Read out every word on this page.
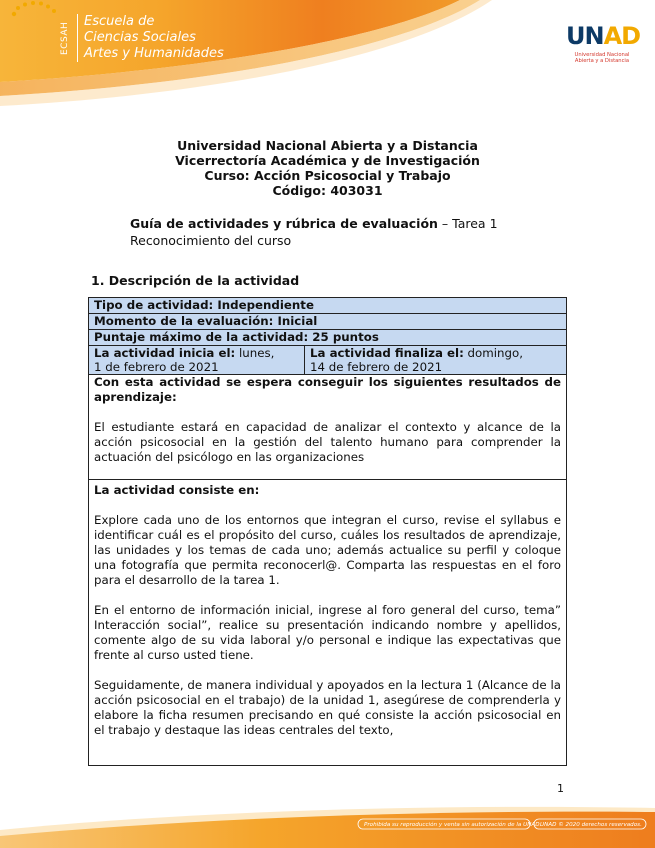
ECSAH	Escuela de
Ciencias Sociales
Artes y Humanidades
UNAD
Universidad Nacional Abierta y a Distancia
Universidad Nacional Abierta y a Distancia
Vicerrectoría Académica y de Investigación
Curso: Acción Psicosocial y Trabajo
Código: 403031
Guía de actividades y rúbrica de evaluación – Tarea 1
Reconocimiento del curso
1. Descripción de la actividad
Tipo de actividad: Independiente
Momento de la evaluación: Inicial
Puntaje máximo de la actividad: 25 puntos
La actividad inicia el: lunes,
1 de febrero de 2021	La actividad finaliza el: domingo,
14 de febrero de 2021

Con esta actividad se espera conseguir los siguientes resultados de aprendizaje:

El estudiante estará en capacidad de analizar el contexto y alcance de la acción psicosocial en la gestión del talento humano para comprender la actuación del psicólogo en las organizaciones

La actividad consiste en:

Explore cada uno de los entornos que integran el curso, revise el syllabus e identificar cuál es el propósito del curso, cuáles los resultados de aprendizaje, las unidades y los temas de cada uno; además actualice su perfil y coloque una fotografía que permita reconocerl@. Comparta las respuestas en el foro para el desarrollo de la tarea 1.

En el entorno de información inicial, ingrese al foro general del curso, tema” Interacción social”, realice su presentación indicando nombre y apellidos, comente algo de su vida laboral y/o personal e indique las expectativas que frente al curso usted tiene.

Seguidamente, de manera individual y apoyados en la lectura 1 (Alcance de la acción psicosocial en el trabajo) de la unidad 1, asegúrese de comprenderla y elabore la ficha resumen precisando en qué consiste la acción psicosocial en el trabajo y destaque las ideas centrales del texto,

1
Prohibida su reproducción y venta sin autorización de la UNAD.
UNAD © 2020 derechos reservados.
